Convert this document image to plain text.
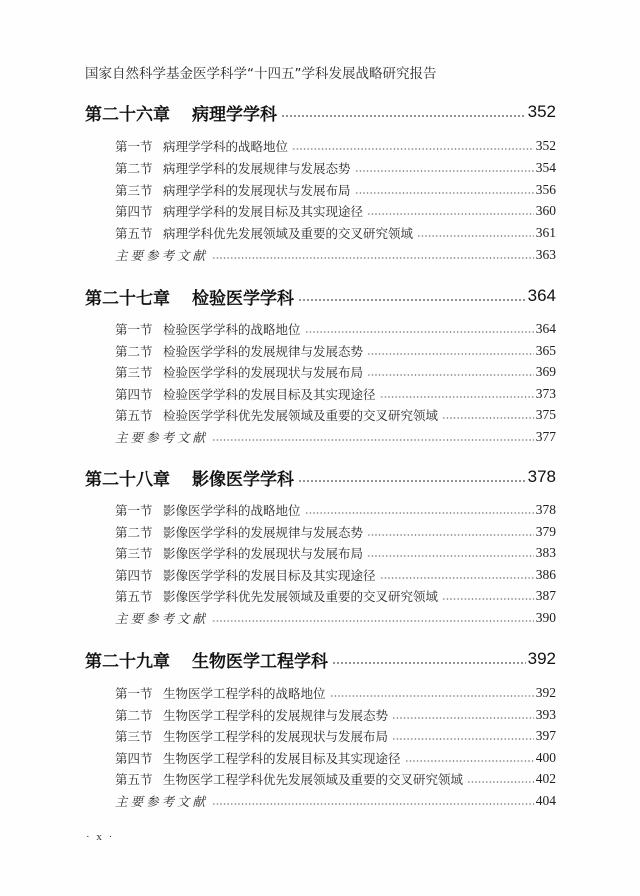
国家自然科学基金医学科学“十四五”学科发展战略研究报告
第二十六章 病理学学科	352
第一节 病理学学科的战略地位	352
第二节 病理学学科的发展规律与发展态势	354
第三节 病理学学科的发展现状与发展布局	356
第四节 病理学学科的发展目标及其实现途径	360
第五节 病理学科优先发展领域及重要的交叉研究领域	361
主要参考文献	363
第二十七章 检验医学学科	364
第一节 检验医学学科的战略地位	364
第二节 检验医学学科的发展规律与发展态势	365
第三节 检验医学学科的发展现状与发展布局	369
第四节 检验医学学科的发展目标及其实现途径	373
第五节 检验医学学科优先发展领域及重要的交叉研究领域	375
主要参考文献	377
第二十八章 影像医学学科	378
第一节 影像医学学科的战略地位	378
第二节 影像医学学科的发展规律与发展态势	379
第三节 影像医学学科的发展现状与发展布局	383
第四节 影像医学学科的发展目标及其实现途径	386
第五节 影像医学学科优先发展领域及重要的交叉研究领域	387
主要参考文献	390
第二十九章 生物医学工程学科	392
第一节 生物医学工程学科的战略地位	392
第二节 生物医学工程学科的发展规律与发展态势	393
第三节 生物医学工程学科的发展现状与发展布局	397
第四节 生物医学工程学科的发展目标及其实现途径	400
第五节 生物医学工程学科优先发展领域及重要的交叉研究领域	402
主要参考文献	404
· x ·
